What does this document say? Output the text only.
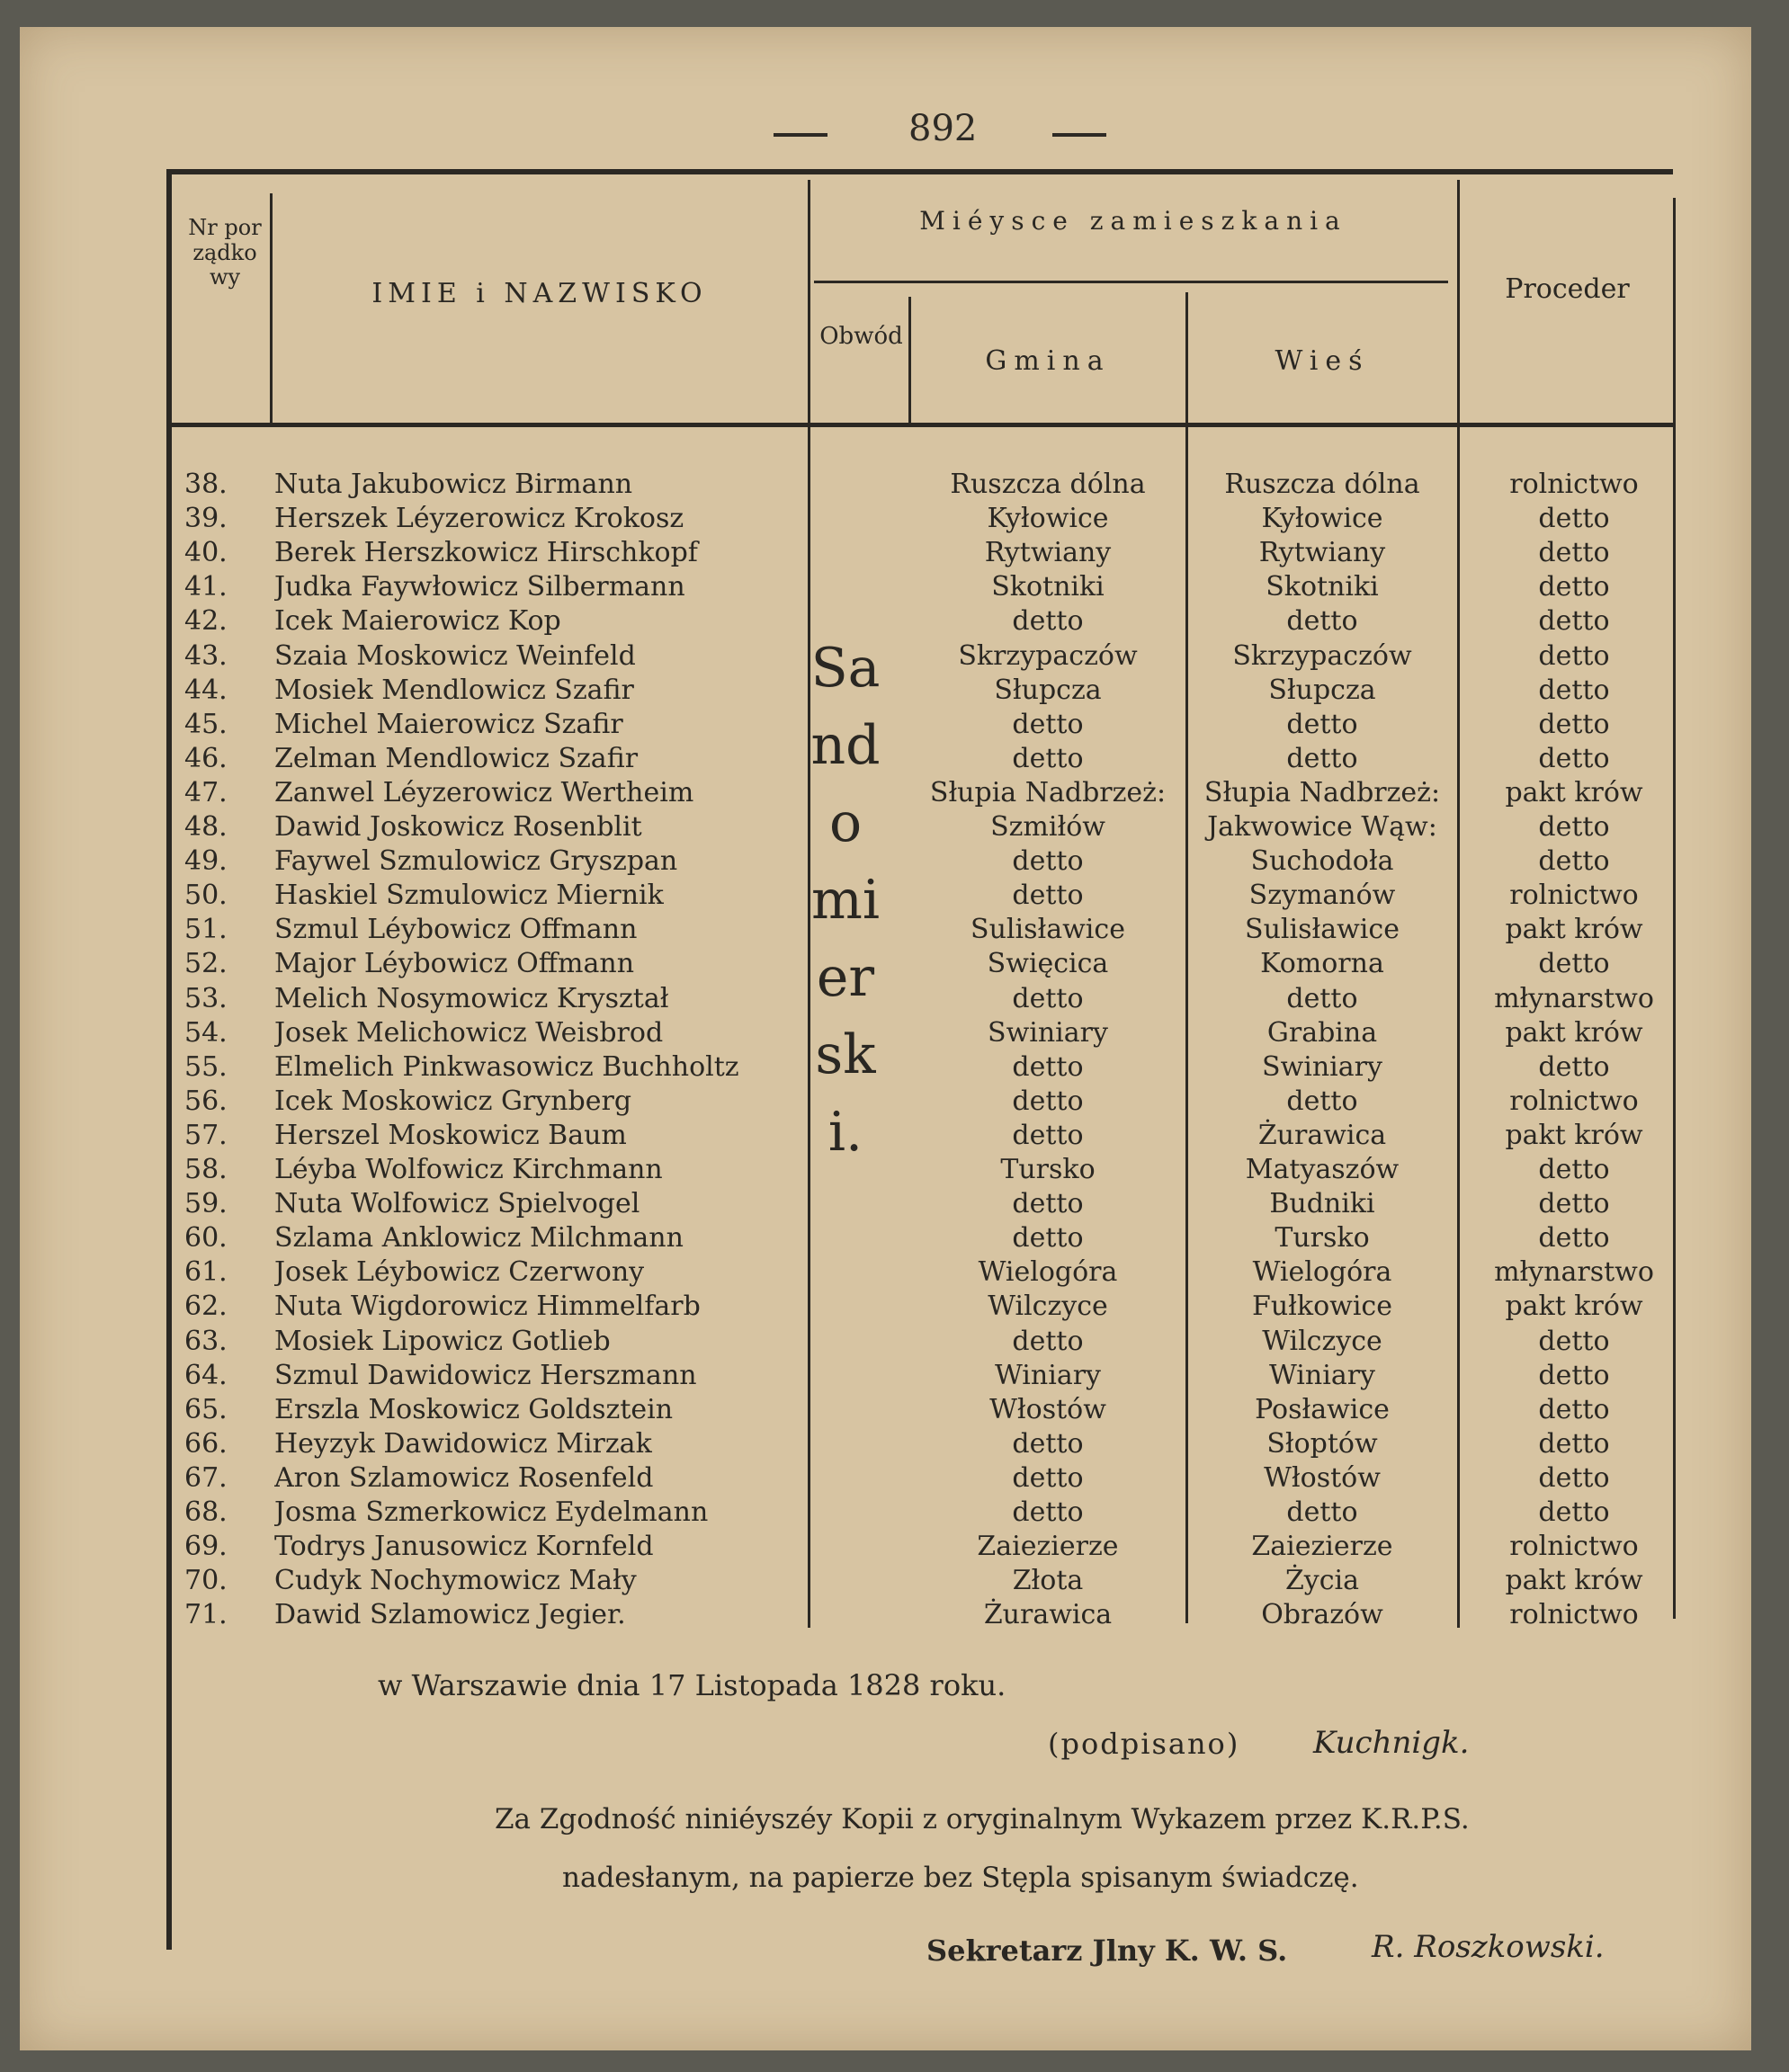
892
Nr porządkowy
IMIE i NAZWISKO
Miéysce zamieszkania
Obwód
Gmina	Wieś
Proceder
Sandomierski.
38.	Nuta Jakubowicz Birmann	Ruszcza dólna	Ruszcza dólna	rolnictwo
39.	Herszek Léyzerowicz Krokosz	Kyłowice	Kyłowice	detto
40.	Berek Herszkowicz Hirschkopf	Rytwiany	Rytwiany	detto
41.	Judka Faywłowicz Silbermann	Skotniki	Skotniki	detto
42.	Icek Maierowicz Kop	detto	detto	detto
43.	Szaia Moskowicz Weinfeld	Skrzypaczów	Skrzypaczów	detto
44.	Mosiek Mendlowicz Szafir	Słupcza	Słupcza	detto
45.	Michel Maierowicz Szafir	detto	detto	detto
46.	Zelman Mendlowicz Szafir	detto	detto	detto
47.	Zanwel Léyzerowicz Wertheim	Słupia Nadbrzeż:	Słupia Nadbrzeż:	pakt krów
48.	Dawid Joskowicz Rosenblit	Szmiłów	Jakwowice Wąw:	detto
49.	Faywel Szmulowicz Gryszpan	detto	Suchodoła	detto
50.	Haskiel Szmulowicz Miernik	detto	Szymanów	rolnictwo
51.	Szmul Léybowicz Offmann	Sulisławice	Sulisławice	pakt krów
52.	Major Léybowicz Offmann	Swięcica	Komorna	detto
53.	Melich Nosymowicz Kryształ	detto	detto	młynarstwo
54.	Josek Melichowicz Weisbrod	Swiniary	Grabina	pakt krów
55.	Elmelich Pinkwasowicz Buchholtz	detto	Swiniary	detto
56.	Icek Moskowicz Grynberg	detto	detto	rolnictwo
57.	Herszel Moskowicz Baum	detto	Żurawica	pakt krów
58.	Léyba Wolfowicz Kirchmann	Tursko	Matyaszów	detto
59.	Nuta Wolfowicz Spielvogel	detto	Budniki	detto
60.	Szlama Anklowicz Milchmann	detto	Tursko	detto
61.	Josek Léybowicz Czerwony	Wielogóra	Wielogóra	młynarstwo
62.	Nuta Wigdorowicz Himmelfarb	Wilczyce	Fułkowice	pakt krów
63.	Mosiek Lipowicz Gotlieb	detto	Wilczyce	detto
64.	Szmul Dawidowicz Herszmann	Winiary	Winiary	detto
65.	Erszla Moskowicz Goldsztein	Włostów	Posławice	detto
66.	Heyzyk Dawidowicz Mirzak	detto	Słoptów	detto
67.	Aron Szlamowicz Rosenfeld	detto	Włostów	detto
68.	Josma Szmerkowicz Eydelmann	detto	detto	detto
69.	Todrys Janusowicz Kornfeld	Zaiezierze	Zaiezierze	rolnictwo
70.	Cudyk Nochymowicz Mały	Złota	Życia	pakt krów
71.	Dawid Szlamowicz Jegier.	Żurawica	Obrazów	rolnictwo
w Warszawie dnia 17 Listopada 1828 roku.
(podpisano) Kuchnigk.
Za Zgodność niniéyszéy Kopii z oryginalnym Wykazem przez K.R.P.S.
nadesłanym, na papierze bez Stępla spisanym świadczę.
Sekretarz Jlny K. W. S.	R. Roszkowski.
